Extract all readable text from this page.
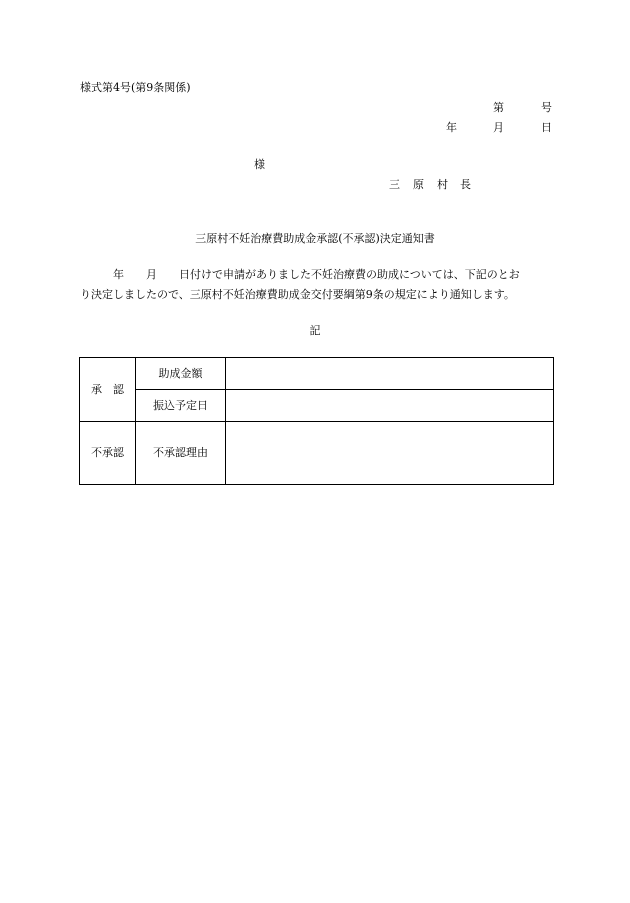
様式第4号(第9条関係)
第	号
年	月	日
様
三 原 村 長
三原村不妊治療費助成金承認(不承認)決定通知書
　　　年　　月　　日付けで申請がありました不妊治療費の助成については、下記のとお
り決定しましたので、三原村不妊治療費助成金交付要綱第9条の規定により通知します。
記
承　認	助成金額	
	振込予定日	
不承認	不承認理由	
